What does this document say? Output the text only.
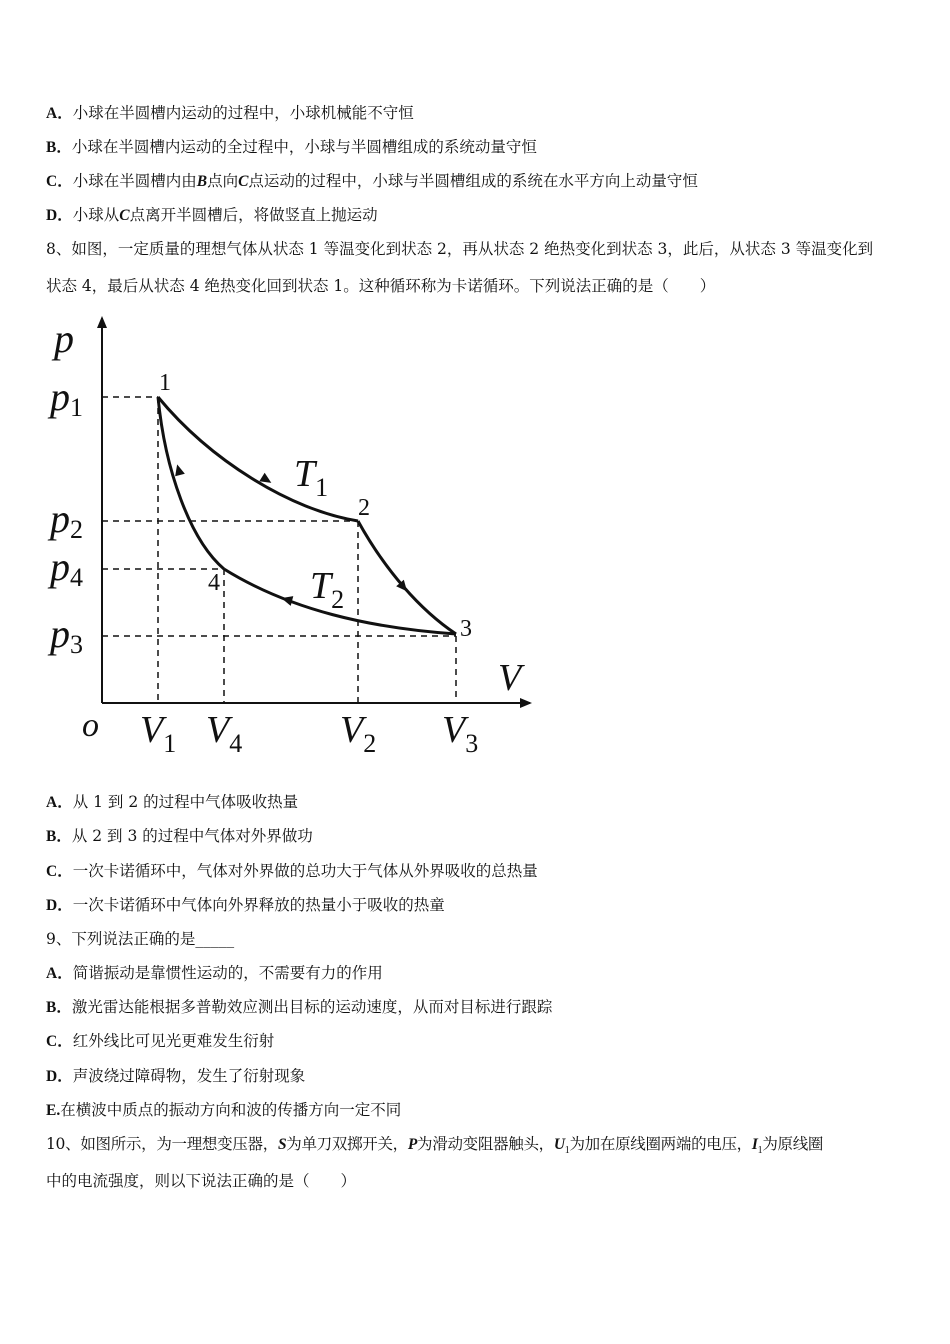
A．小球在半圆槽内运动的过程中，小球机械能不守恒
B．小球在半圆槽内运动的全过程中，小球与半圆槽组成的系统动量守恒
C．小球在半圆槽内由B点向C点运动的过程中，小球与半圆槽组成的系统在水平方向上动量守恒
D．小球从C点离开半圆槽后，将做竖直上抛运动
8、如图，一定质量的理想气体从状态 1 等温变化到状态 2，再从状态 2 绝热变化到状态 3，此后，从状态 3 等温变化到
状态 4，最后从状态 4 绝热变化回到状态 1。这种循环称为卡诺循环。下列说法正确的是（　　）
p
V
o
p1
p2
p4
p3
$V_1$ $V_4$	$V_2$ $V_3$
1
2
3
4
$T_1$
$T_2$
A．从 1 到 2 的过程中气体吸收热量
B．从 2 到 3 的过程中气体对外界做功
C．一次卡诺循环中，气体对外界做的总功大于气体从外界吸收的总热量
D．一次卡诺循环中气体向外界释放的热量小于吸收的热童
9、下列说法正确的是_____
A．简谐振动是靠惯性运动的，不需要有力的作用
B．激光雷达能根据多普勒效应测出目标的运动速度，从而对目标进行跟踪
C．红外线比可见光更难发生衍射
D．声波绕过障碍物，发生了衍射现象
E.在横波中质点的振动方向和波的传播方向一定不同
10、如图所示，为一理想变压器，S为单刀双掷开关，P为滑动变阻器触头，$U_1$为加在原线圈两端的电压，$I_1$为原线圈
中的电流强度，则以下说法正确的是（　　）
